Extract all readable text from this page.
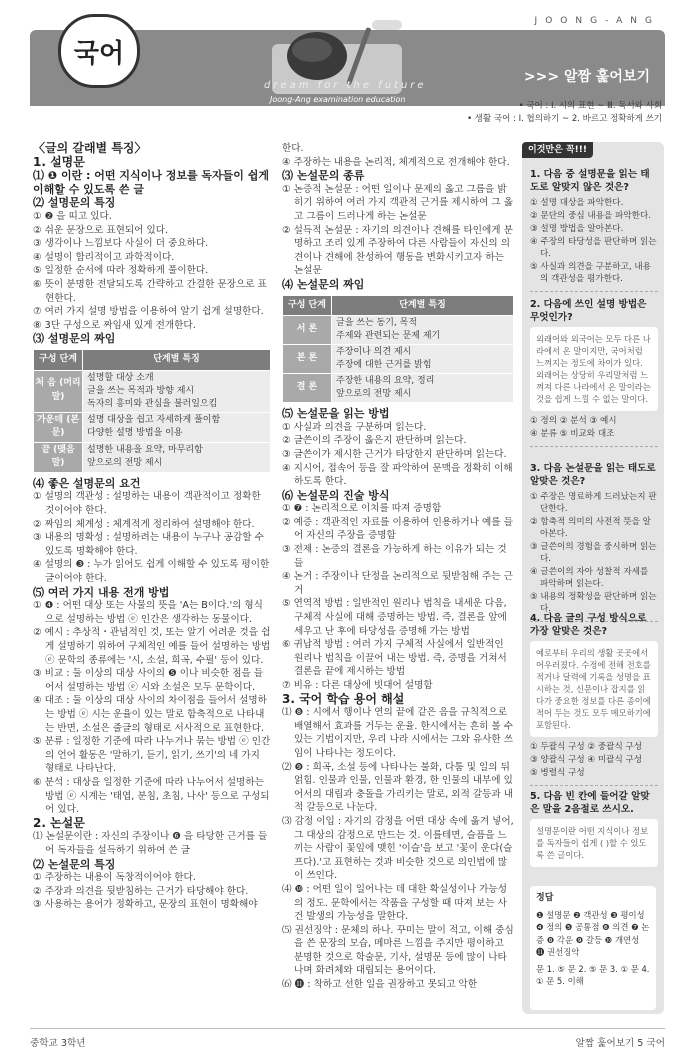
국어
JOONG-ANG
dream for the future
Joong-Ang examination education
>>> 알짬 훑어보기
• 국어 : Ⅰ. 시의 표현 ~ Ⅲ. 독서와 사회
• 생활 국어 : Ⅰ. 협의하기 ~ 2. 바르고 정확하게 쓰기

〈글의 갈래별 특징〉

1. 설명문

⑴ ❶ 이란 : 어떤 지식이나 정보를 독자들이 쉽게 이해할 수 있도록 쓴 글

⑵ 설명문의 특징

① ❷ 을 띠고 있다.

② 쉬운 문장으로 표현되어 있다.

③ 생각이나 느낌보다 사실이 더 중요하다.

④ 설명이 합리적이고 과학적이다.

⑤ 일정한 순서에 따라 정확하게 풀이한다.

⑥ 뜻이 분명한 전달되도록 간략하고 간결한 문장으로 표현한다.

⑦ 여러 가지 설명 방법을 이용하여 알기 쉽게 설명한다.

⑧ 3단 구성으로 짜임새 있게 전개한다.

⑶ 설명문의 짜임

구성 단계	단계별 특징
처 음 (머리말)	설명할 대상 소개
글을 쓰는 목적과 방향 제시
독자의 흥미와 관심을 불러일으킴

가운데 (본문)	설명 대상을 쉽고 자세하게 풀이함
다양한 설명 방법을 이용

끝 (맺음말)	설명한 내용을 요약, 마무리함
앞으로의 전망 제시

⑷ 좋은 설명문의 요건

① 설명의 객관성 : 설명하는 내용이 객관적이고 정확한 것이어야 한다.

② 짜임의 체계성 : 체계적게 정리하여 설명해야 한다.

③ 내용의 명확성 : 설명하려는 내용이 누구나 공감할 수 있도록 명확해야 한다.

④ 설명의 ❸ : 누가 읽어도 쉽게 이해할 수 있도록 평이한 글이어야 한다.

⑸ 여러 가지 내용 전개 방법

① ❹ : 어떤 대상 또는 사물의 뜻을 'A는 B이다.'의 형식으로 설명하는 방법 ⓔ 인간은 생각하는 동물이다.

② 예시 : 추상적・관념적인 것, 또는 알기 어려운 것을 쉽게 설명하기 위하여 구체적인 예를 들어 설명하는 방법 ⓔ 문학의 종류에는 '시, 소설, 희곡, 수필' 등이 있다.

③ 비교 : 둘 이상의 대상 사이의 ❺ 이나 비슷한 점을 들어서 설명하는 방법 ⓔ 시와 소설은 모두 문학이다.

④ 대조 : 둘 이상의 대상 사이의 차이점을 들어서 설명하는 방법 ⓔ 시는 운율이 있는 말로 함축적으로 나타내는 반면, 소설은 줄글의 형태로 서사적으로 표현한다.

⑤ 분류 : 일정한 기준에 따라 나누거나 묶는 방법 ⓔ 인간의 언어 활동은 '말하기, 듣기, 읽기, 쓰기'의 네 가지 형태로 나타난다.

⑥ 분석 : 대상을 일정한 기준에 따라 나누어서 설명하는 방법 ⓔ 시계는 '태엽, 분침, 초침, 나사' 등으로 구성되어 있다.

2. 논설문

⑴ 논설문이란 : 자신의 주장이나 ❻ 을 타당한 근거를 들어 독자들을 설득하기 위하여 쓴 글

⑵ 논설문의 특징

① 주장하는 내용이 독창적이어야 한다.

② 주장과 의견을 뒷받침하는 근거가 타당해야 한다.

③ 사용하는 용어가 정확하고, 문장의 표현이 명확해야

한다.

④ 주장하는 내용을 논리적, 체계적으로 전개해야 한다.

⑶ 논설문의 종류

① 논증적 논설문 : 어떤 일이나 문제의 옳고 그름을 밝히기 위하여 여러 가지 객관적 근거를 제시하여 그 옳고 그름이 드러나게 하는 논설문

② 설득적 논설문 : 자기의 의견이나 견해를 타인에게 분명하고 조리 있게 주장하여 다른 사람들이 자신의 의견이나 견해에 찬성하여 행동을 변화시키고자 하는 논설문

⑷ 논설문의 짜임

구성 단계	단계별 특징
서 론	글을 쓰는 동기, 목적
주제와 관련되는 문제 제기

본 론	주장이나 의견 제시
주장에 대한 근거를 밝힘

결 론	주장한 내용의 요약, 정리
앞으로의 전망 제시

⑸ 논설문을 읽는 방법

① 사실과 의견을 구분하며 읽는다.

② 글쓴이의 주장이 옳은지 판단하며 읽는다.

③ 글쓴이가 제시한 근거가 타당한지 판단하며 읽는다.

④ 지시어, 접속어 등을 잘 파악하여 문맥을 정확히 이해하도록 한다.

⑹ 논설문의 진술 방식

① ❼ : 논리적으로 이치를 따져 증명함

② 예증 : 객관적인 자료를 이용하여 인용하거나 예를 들어 자신의 주장을 증명함

③ 전제 : 논증의 결론을 가능하게 하는 이유가 되는 것들

④ 논거 : 주장이나 단정을 논리적으로 뒷받침해 주는 근거

⑤ 연역적 방법 : 일반적인 원리나 법칙을 내세운 다음, 구체적 사실에 대해 증명하는 방법. 즉, 결론을 앞에 세우고 난 후에 타당성을 증명해 가는 방법

⑥ 귀납적 방법 : 여러 가지 구체적 사실에서 일반적인 원리나 법칙을 이끌어 내는 방법. 즉, 증명을 거쳐서 결론을 끝에 제시하는 방법

⑦ 비유 : 다른 대상에 빗대어 설명함

3. 국어 학습 용어 해설

⑴ ❽ : 시에서 행이나 연의 끝에 같은 음을 규칙적으로 배열해서 효과를 거두는 운율. 한시에서는 흔히 볼 수 있는 기법이지만, 우리 나라 시에서는 그와 유사한 쓰임이 나타나는 정도이다.

⑵ ❾ : 희곡, 소설 등에 나타나는 불화, 다툼 및 일의 뒤얽힘. 인물과 인물, 인물과 환경, 한 인물의 내부에 있어서의 대립과 충돌을 가리키는 말로, 외적 갈등과 내적 갈등으로 나눈다.

⑶ 감정 이입 : 자기의 감정을 어떤 대상 속에 옮겨 넣어, 그 대상의 감정으로 만드는 것. 이를테면, 슬픔을 느끼는 사람이 꽃잎에 맺힌 '이슬'을 보고 '꽃이 운다(슬프다).'고 표현하는 것과 비슷한 것으로 의인법에 많이 쓰인다.

⑷ ❿ : 어떤 일이 일어나는 데 대한 확실성이나 가능성의 정도. 문학에서는 작품을 구성할 때 따져 보는 사건 발생의 가능성을 말한다.

⑸ 권선징악 : 문체의 하나. 꾸미는 말이 적고, 이해 중심을 쓴 문장의 모습, 메마른 느낌을 주지만 평이하고 분명한 것으로 학술문, 기사, 설명문 등에 많이 나타나며 화려체와 대립되는 용어이다.

⑹ ⓫ : 착하고 선한 일을 권장하고 못되고 악한

이것만은 꼭!!!
1. 다음 중 설명문을 읽는 태도로 알맞지 않은 것은?
① 설명 대상을 파악한다.
② 문단의 중심 내용을 파악한다.
③ 설명 방법을 알아본다.
④ 주장의 타당성을 판단하며 읽는다.
⑤ 사실과 의견을 구분하고, 내용의 객관성을 평가한다.
2. 다음에 쓰인 설명 방법은 무엇인가?
외래어와 외국어는 모두 다른 나라에서 온 말이지만, 국어처럼 느껴지는 정도에 차이가 있다. 외래어는 상당히 우리말처럼 느껴져 다른 나라에서 온 말이라는 것을 쉽게 느낄 수 없는 말이다.
① 정의 ② 분석 ③ 예시
④ 분류 ⑤ 비교와 대조
3. 다음 논설문을 읽는 태도로 알맞은 것은?
① 주장은 명료하게 드러났는지 판단한다.
② 함축적 의미의 사전적 뜻을 알아본다.
③ 글쓴이의 경험을 중시하며 읽는다.
④ 글쓴이의 자아 성찰적 자세를 파악하며 읽는다.
⑤ 내용의 정확성을 판단하며 읽는다.
4. 다음 글의 구성 방식으로 가장 알맞은 것은?
예로부터 우리의 생활 곳곳에서 어우러졌다. 수정에 전해 전호를 적거나 달력에 기록을 성명을 표시하는 것, 신문이나 잡지를 읽다가 중요한 정보를 다른 종이에 적어 두는 것도 모두 메모하기에 포함된다.
① 두괄식 구성 ② 중괄식 구성
③ 양괄식 구성 ④ 미괄식 구성
⑤ 병렬식 구성
5. 다음 빈 칸에 들어갈 알맞은 말을 2음절로 쓰시오.
설명문이란 어떤 지식이나 정보를 독자들이 쉽게 ( )할 수 있도록 쓴 글이다.
정답
❶ 설명문 ❷ 객관성 ❸ 평이성 ❹ 정의 ❺ 공통점 ❻ 의견 ❼ 논증 ❽ 각운 ❾ 갈등 ❿ 개연성 ⓫ 권선징악
문 1. ⑤ 문 2. ⑤ 문 3. ① 문 4. ① 문 5. 이해
중학교 3학년	알짬 훑어보기 5 국어
